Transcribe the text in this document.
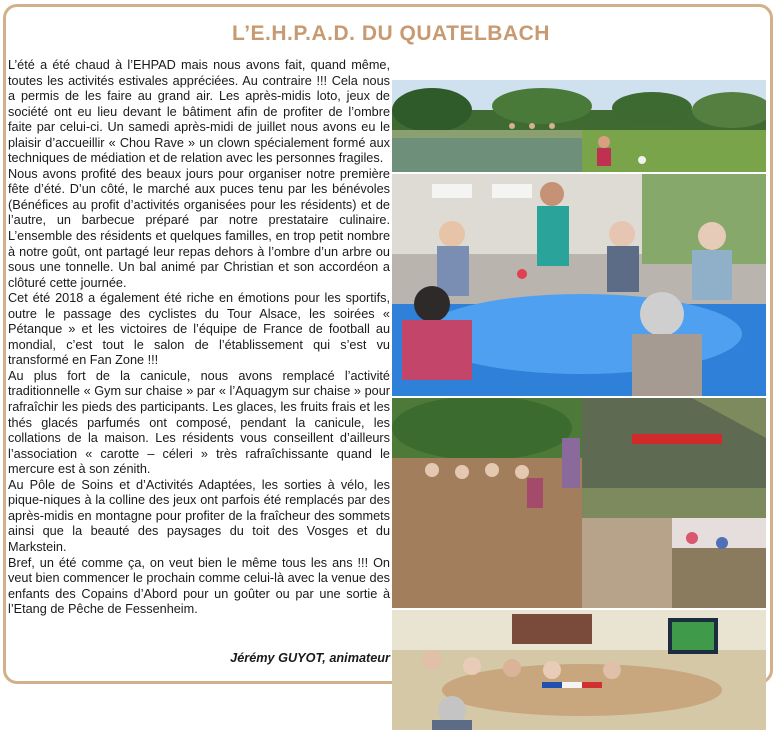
L’E.H.P.A.D. DU QUATELBACH

L’été a été chaud à l’EHPAD mais nous avons fait, quand même, toutes les activités estivales appréciées. Au contraire !!! Cela nous a permis de les faire au grand air. Les après-midis loto, jeux de société ont eu lieu devant le bâtiment afin de profiter de l’ombre faite par celui-ci. Un samedi après-midi de juillet nous avons eu le plaisir d’accueillir « Chou Rave » un clown spécialement formé aux techniques de médiation et de relation avec les personnes fragiles.

Nous avons profité des beaux jours pour organiser notre première fête d’été. D’un côté, le marché aux puces tenu par les bénévoles (Bénéfices au profit d’activités organisées pour les résidents) et de l’autre, un barbecue préparé par notre prestataire culinaire. L’ensemble des résidents et quelques familles, en trop petit nombre à notre goût, ont partagé leur repas dehors à l’ombre d’un arbre ou sous une tonnelle. Un bal animé par Christian et son accordéon a clôturé cette journée.

Cet été 2018 a également été riche en émotions pour les sportifs, outre le passage des cyclistes du Tour Alsace, les soirées « Pétanque » et les victoires de l’équipe de France de football au mondial, c’est tout le salon de l’établissement qui s’est vu transformé en Fan Zone !!!

Au plus fort de la canicule, nous avons remplacé l’activité traditionnelle « Gym sur chaise » par « l’Aquagym sur chaise » pour rafraîchir les pieds des participants. Les glaces, les fruits frais et les thés glacés parfumés ont composé, pendant la canicule, les collations de la maison. Les résidents vous conseillent d’ailleurs l’association « carotte – céleri » très rafraîchissante quand le mercure est à son zénith.

Au Pôle de Soins et d’Activités Adaptées, les sorties à vélo, les pique-niques à la colline des jeux ont parfois été remplacés par des après-midis en montagne pour profiter de la fraîcheur des sommets ainsi que la beauté des paysages du toit des Vosges et du Markstein.

Bref, un été comme ça, on veut bien le même tous les ans !!! On veut bien commencer le prochain comme celui-là avec la venue des enfants des Copains d’Abord pour un goûter ou par une sortie à l’Etang de Pêche de Fessenheim.

Jérémy GUYOT, animateur
